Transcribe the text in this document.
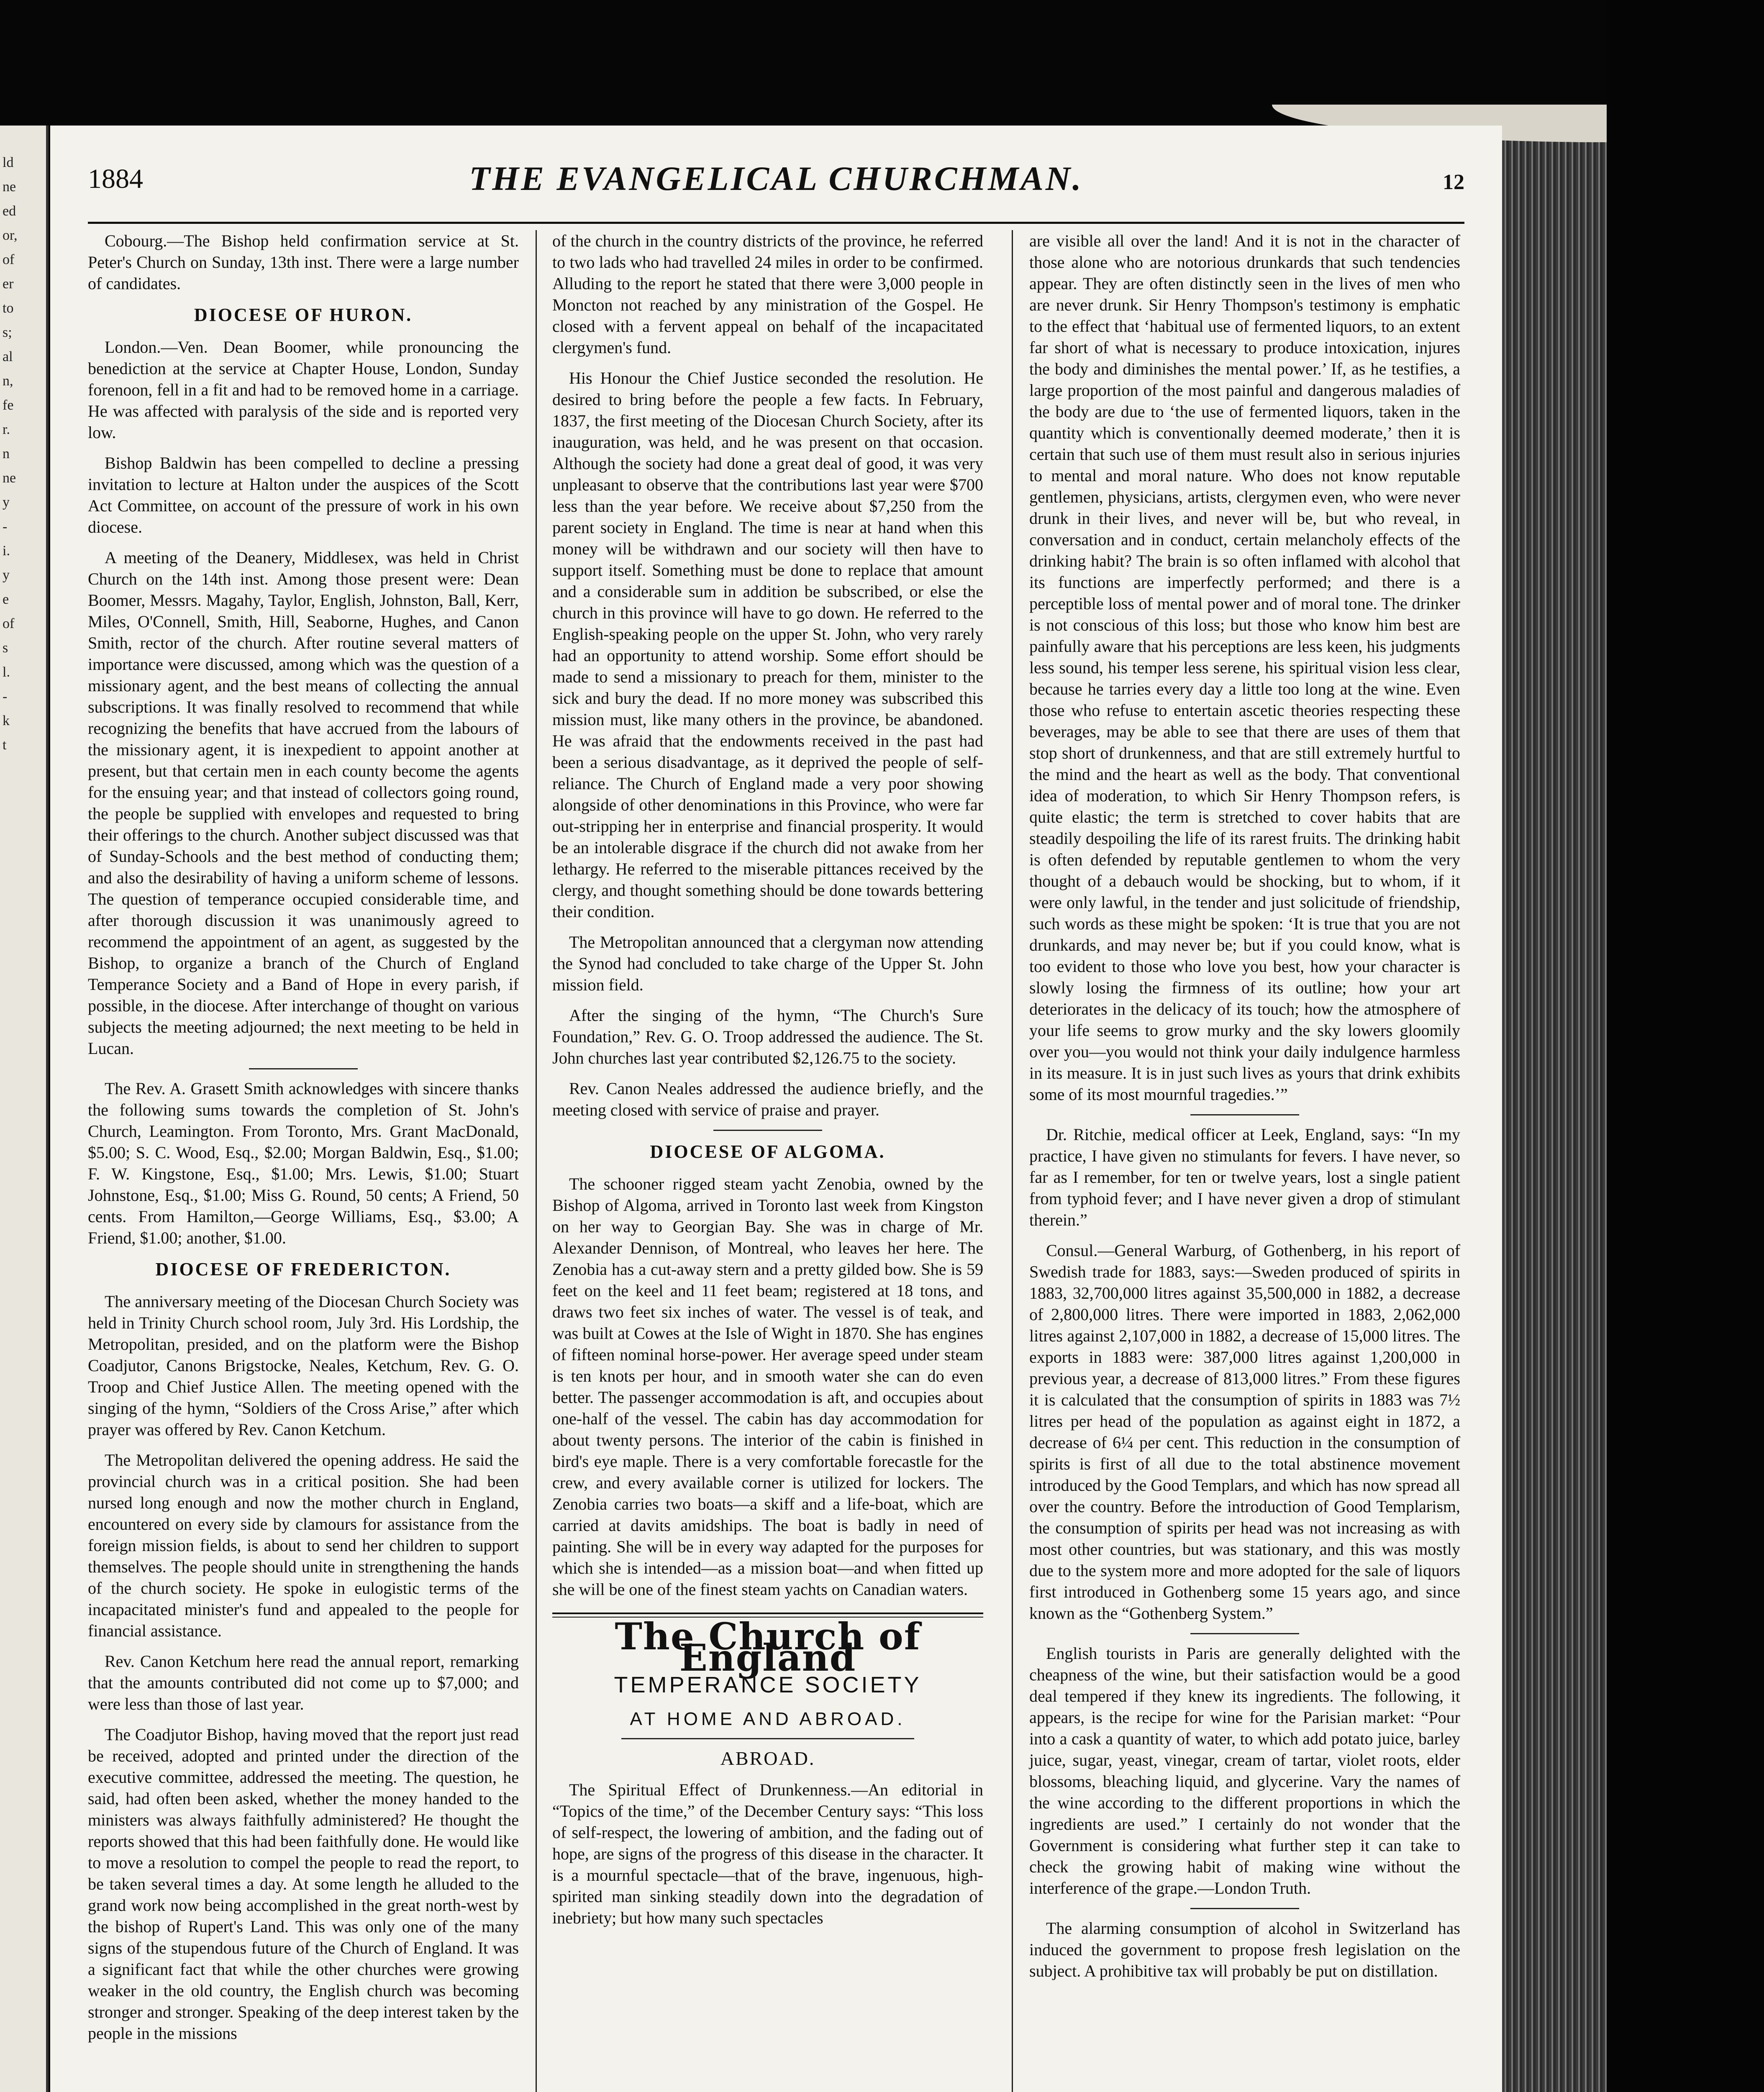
ld
ne
ed
or,
of
er
to
s;
al
n,
fe
r.
n
ne
y
-
i.
y
e
of
s
l.
-
k
t
1884	THE EVANGELICAL CHURCHMAN.	12

Cobourg.—The Bishop held confirmation service at St. Peter's Church on Sunday, 13th inst. There were a large number of candidates.

DIOCESE OF HURON.

London.—Ven. Dean Boomer, while pronouncing the benediction at the service at Chapter House, London, Sunday forenoon, fell in a fit and had to be removed home in a carriage. He was affected with paralysis of the side and is reported very low.

Bishop Baldwin has been compelled to decline a pressing invitation to lecture at Halton under the auspices of the Scott Act Committee, on account of the pressure of work in his own diocese.

A meeting of the Deanery, Middlesex, was held in Christ Church on the 14th inst. Among those present were: Dean Boomer, Messrs. Magahy, Taylor, English, Johnston, Ball, Kerr, Miles, O'Connell, Smith, Hill, Seaborne, Hughes, and Canon Smith, rector of the church. After routine several matters of importance were discussed, among which was the question of a missionary agent, and the best means of collecting the annual subscriptions. It was finally resolved to recommend that while recognizing the benefits that have accrued from the labours of the missionary agent, it is inexpedient to appoint another at present, but that certain men in each county become the agents for the ensuing year; and that instead of collectors going round, the people be supplied with envelopes and requested to bring their offerings to the church. Another subject discussed was that of Sunday-Schools and the best method of conducting them; and also the desirability of having a uniform scheme of lessons. The question of temperance occupied considerable time, and after thorough discussion it was unanimously agreed to recommend the appointment of an agent, as suggested by the Bishop, to organize a branch of the Church of England Temperance Society and a Band of Hope in every parish, if possible, in the diocese. After interchange of thought on various subjects the meeting adjourned; the next meeting to be held in Lucan.

The Rev. A. Grasett Smith acknowledges with sincere thanks the following sums towards the completion of St. John's Church, Leamington. From Toronto, Mrs. Grant MacDonald, $5.00; S. C. Wood, Esq., $2.00; Morgan Baldwin, Esq., $1.00; F. W. Kingstone, Esq., $1.00; Mrs. Lewis, $1.00; Stuart Johnstone, Esq., $1.00; Miss G. Round, 50 cents; A Friend, 50 cents. From Hamilton,—George Williams, Esq., $3.00; A Friend, $1.00; another, $1.00.

DIOCESE OF FREDERICTON.

The anniversary meeting of the Diocesan Church Society was held in Trinity Church school room, July 3rd. His Lordship, the Metropolitan, presided, and on the platform were the Bishop Coadjutor, Canons Brigstocke, Neales, Ketchum, Rev. G. O. Troop and Chief Justice Allen. The meeting opened with the singing of the hymn, “Soldiers of the Cross Arise,” after which prayer was offered by Rev. Canon Ketchum.

The Metropolitan delivered the opening address. He said the provincial church was in a critical position. She had been nursed long enough and now the mother church in England, encountered on every side by clamours for assistance from the foreign mission fields, is about to send her children to support themselves. The people should unite in strengthening the hands of the church society. He spoke in eulogistic terms of the incapacitated minister's fund and appealed to the people for financial assistance.

Rev. Canon Ketchum here read the annual report, remarking that the amounts contributed did not come up to $7,000; and were less than those of last year.

The Coadjutor Bishop, having moved that the report just read be received, adopted and printed under the direction of the executive committee, addressed the meeting. The question, he said, had often been asked, whether the money handed to the ministers was always faithfully administered? He thought the reports showed that this had been faithfully done. He would like to move a resolution to compel the people to read the report, to be taken several times a day. At some length he alluded to the grand work now being accomplished in the great north-west by the bishop of Rupert's Land. This was only one of the many signs of the stupendous future of the Church of England. It was a significant fact that while the other churches were growing weaker in the old country, the English church was becoming stronger and stronger. Speaking of the deep interest taken by the people in the missions

of the church in the country districts of the province, he referred to two lads who had travelled 24 miles in order to be confirmed. Alluding to the report he stated that there were 3,000 people in Moncton not reached by any ministration of the Gospel. He closed with a fervent appeal on behalf of the incapacitated clergymen's fund.

His Honour the Chief Justice seconded the resolution. He desired to bring before the people a few facts. In February, 1837, the first meeting of the Diocesan Church Society, after its inauguration, was held, and he was present on that occasion. Although the society had done a great deal of good, it was very unpleasant to observe that the contributions last year were $700 less than the year before. We receive about $7,250 from the parent society in England. The time is near at hand when this money will be withdrawn and our society will then have to support itself. Something must be done to replace that amount and a considerable sum in addition be subscribed, or else the church in this province will have to go down. He referred to the English-speaking people on the upper St. John, who very rarely had an opportunity to attend worship. Some effort should be made to send a missionary to preach for them, minister to the sick and bury the dead. If no more money was subscribed this mission must, like many others in the province, be abandoned. He was afraid that the endowments received in the past had been a serious disadvantage, as it deprived the people of self-reliance. The Church of England made a very poor showing alongside of other denominations in this Province, who were far out-stripping her in enterprise and financial prosperity. It would be an intolerable disgrace if the church did not awake from her lethargy. He referred to the miserable pittances received by the clergy, and thought something should be done towards bettering their condition.

The Metropolitan announced that a clergyman now attending the Synod had concluded to take charge of the Upper St. John mission field.

After the singing of the hymn, “The Church's Sure Foundation,” Rev. G. O. Troop addressed the audience. The St. John churches last year contributed $2,126.75 to the society.

Rev. Canon Neales addressed the audience briefly, and the meeting closed with service of praise and prayer.

DIOCESE OF ALGOMA.

The schooner rigged steam yacht Zenobia, owned by the Bishop of Algoma, arrived in Toronto last week from Kingston on her way to Georgian Bay. She was in charge of Mr. Alexander Dennison, of Montreal, who leaves her here. The Zenobia has a cut-away stern and a pretty gilded bow. She is 59 feet on the keel and 11 feet beam; registered at 18 tons, and draws two feet six inches of water. The vessel is of teak, and was built at Cowes at the Isle of Wight in 1870. She has engines of fifteen nominal horse-power. Her average speed under steam is ten knots per hour, and in smooth water she can do even better. The passenger accommodation is aft, and occupies about one-half of the vessel. The cabin has day accommodation for about twenty persons. The interior of the cabin is finished in bird's eye maple. There is a very comfortable forecastle for the crew, and every available corner is utilized for lockers. The Zenobia carries two boats—a skiff and a life-boat, which are carried at davits amidships. The boat is badly in need of painting. She will be in every way adapted for the purposes for which she is intended—as a mission boat—and when fitted up she will be one of the finest steam yachts on Canadian waters.

The Church of England
TEMPERANCE SOCIETY
AT HOME AND ABROAD.
ABROAD.

The Spiritual Effect of Drunkenness.—An editorial in “Topics of the time,” of the December Century says: “This loss of self-respect, the lowering of ambition, and the fading out of hope, are signs of the progress of this disease in the character. It is a mournful spectacle—that of the brave, ingenuous, high-spirited man sinking steadily down into the degradation of inebriety; but how many such spectacles

are visible all over the land! And it is not in the character of those alone who are notorious drunkards that such tendencies appear. They are often distinctly seen in the lives of men who are never drunk. Sir Henry Thompson's testimony is emphatic to the effect that ‘habitual use of fermented liquors, to an extent far short of what is necessary to produce intoxication, injures the body and diminishes the mental power.’ If, as he testifies, a large proportion of the most painful and dangerous maladies of the body are due to ‘the use of fermented liquors, taken in the quantity which is conventionally deemed moderate,’ then it is certain that such use of them must result also in serious injuries to mental and moral nature. Who does not know reputable gentlemen, physicians, artists, clergymen even, who were never drunk in their lives, and never will be, but who reveal, in conversation and in conduct, certain melancholy effects of the drinking habit? The brain is so often inflamed with alcohol that its functions are imperfectly performed; and there is a perceptible loss of mental power and of moral tone. The drinker is not conscious of this loss; but those who know him best are painfully aware that his perceptions are less keen, his judgments less sound, his temper less serene, his spiritual vision less clear, because he tarries every day a little too long at the wine. Even those who refuse to entertain ascetic theories respecting these beverages, may be able to see that there are uses of them that stop short of drunkenness, and that are still extremely hurtful to the mind and the heart as well as the body. That conventional idea of moderation, to which Sir Henry Thompson refers, is quite elastic; the term is stretched to cover habits that are steadily despoiling the life of its rarest fruits. The drinking habit is often defended by reputable gentlemen to whom the very thought of a debauch would be shocking, but to whom, if it were only lawful, in the tender and just solicitude of friendship, such words as these might be spoken: ‘It is true that you are not drunkards, and may never be; but if you could know, what is too evident to those who love you best, how your character is slowly losing the firmness of its outline; how your art deteriorates in the delicacy of its touch; how the atmosphere of your life seems to grow murky and the sky lowers gloomily over you—you would not think your daily indulgence harmless in its measure. It is in just such lives as yours that drink exhibits some of its most mournful tragedies.’”

Dr. Ritchie, medical officer at Leek, England, says: “In my practice, I have given no stimulants for fevers. I have never, so far as I remember, for ten or twelve years, lost a single patient from typhoid fever; and I have never given a drop of stimulant therein.”

Consul.—General Warburg, of Gothenberg, in his report of Swedish trade for 1883, says:—Sweden produced of spirits in 1883, 32,700,000 litres against 35,500,000 in 1882, a decrease of 2,800,000 litres. There were imported in 1883, 2,062,000 litres against 2,107,000 in 1882, a decrease of 15,000 litres. The exports in 1883 were: 387,000 litres against 1,200,000 in previous year, a decrease of 813,000 litres.” From these figures it is calculated that the consumption of spirits in 1883 was 7½ litres per head of the population as against eight in 1872, a decrease of 6¼ per cent. This reduction in the consumption of spirits is first of all due to the total abstinence movement introduced by the Good Templars, and which has now spread all over the country. Before the introduction of Good Templarism, the consumption of spirits per head was not increasing as with most other countries, but was stationary, and this was mostly due to the system more and more adopted for the sale of liquors first introduced in Gothenberg some 15 years ago, and since known as the “Gothenberg System.”

English tourists in Paris are generally delighted with the cheapness of the wine, but their satisfaction would be a good deal tempered if they knew its ingredients. The following, it appears, is the recipe for wine for the Parisian market: “Pour into a cask a quantity of water, to which add potato juice, barley juice, sugar, yeast, vinegar, cream of tartar, violet roots, elder blossoms, bleaching liquid, and glycerine. Vary the names of the wine according to the different proportions in which the ingredients are used.” I certainly do not wonder that the Government is considering what further step it can take to check the growing habit of making wine without the interference of the grape.—London Truth.

The alarming consumption of alcohol in Switzerland has induced the government to propose fresh legislation on the subject. A prohibitive tax will probably be put on distillation.
